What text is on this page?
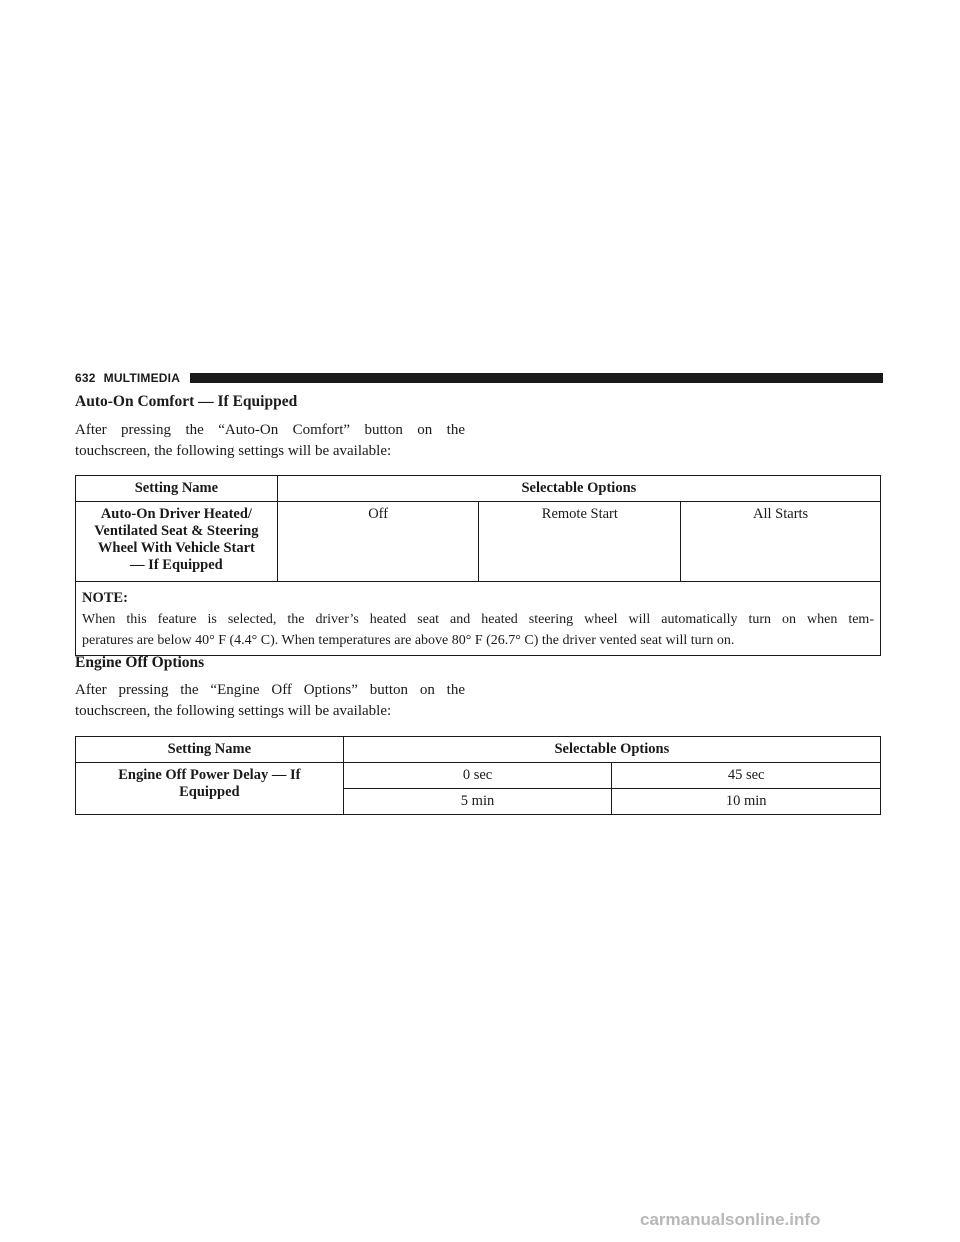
632 MULTIMEDIA
Auto-On Comfort — If Equipped

After pressing the “Auto-On Comfort” button on the
touchscreen, the following settings will be available:

Setting Name	Selectable Options		

Auto-On Driver Heated/
Ventilated Seat & Steering
Wheel With Vehicle Start
— If Equipped	Off	Remote Start	All Starts

NOTE:
When this feature is selected, the driver’s heated seat and heated steering wheel will automatically turn on when tem-
peratures are below 40° F (4.4° C). When temperatures are above 80° F (26.7° C) the driver vented seat will turn on.			
Engine Off Options

After pressing the “Engine Off Options” button on the
touchscreen, the following settings will be available:

Setting Name	Selectable Options	

Engine Off Power Delay — If
Equipped	0 sec	45 sec
	5 min	10 min
carmanualsonline.info
